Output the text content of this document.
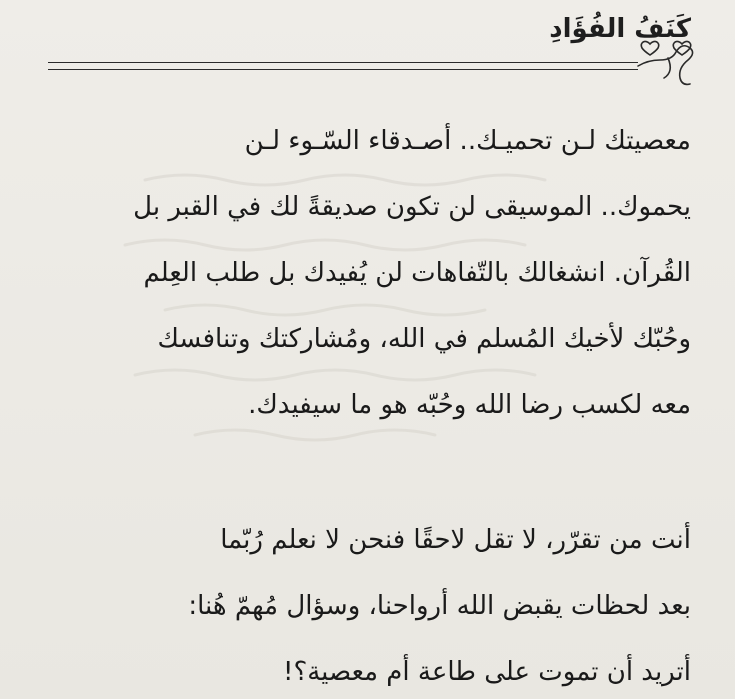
كَنَفُ الفُؤَادِ
معصيتك لـن تحميـك.. أصـدقاء السّـوء لـن
يحموك.. الموسيقى لن تكون صديقةً لك في القبر بل
القُرآن. انشغالك بالتّفاهات لن يُفيدك بل طلب العِلم
وحُبّك لأخيك المُسلم في الله، ومُشاركتك وتنافسك
معه لكسب رضا الله وحُبّه هو ما سيفيدك.
أنت من تقرّر، لا تقل لاحقًا فنحن لا نعلم رُبّما
بعد لحظات يقبض الله أرواحنا، وسؤال مُهمّ هُنا:
أتريد أن تموت على طاعة أم معصية؟!
